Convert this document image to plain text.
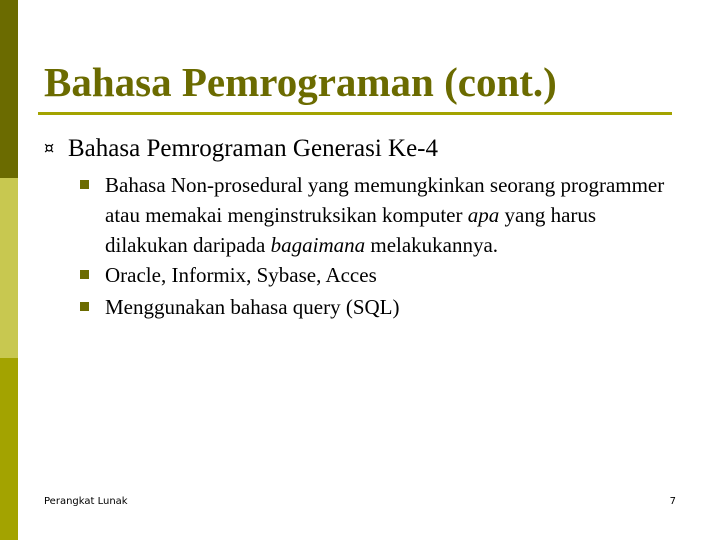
Bahasa Pemrograman (cont.)
¤ Bahasa Pemrograman Generasi Ke-4
Bahasa Non-prosedural yang memungkinkan seorang programmer atau memakai menginstruksikan komputer apa yang harus dilakukan daripada bagaimana melakukannya.
Oracle, Informix, Sybase, Acces
Menggunakan bahasa query (SQL)
Perangkat Lunak	7
